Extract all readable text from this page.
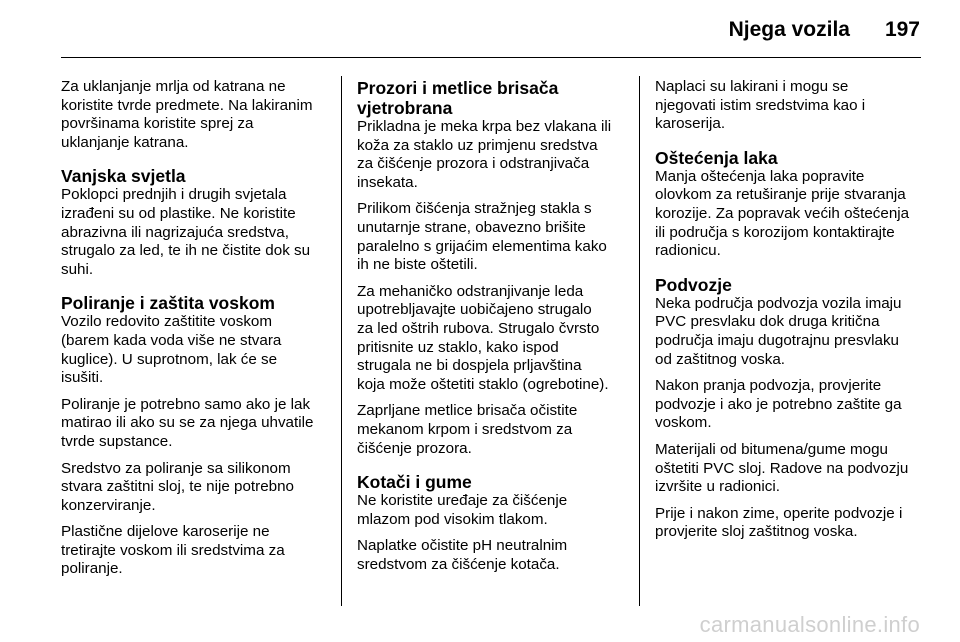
Njega vozila 197

Za uklanjanje mrlja od katrana ne
koristite tvrde predmete. Na lakiranim
površinama koristite sprej za
uklanjanje katrana.

Vanjska svjetla

Poklopci prednjih i drugih svjetala
izrađeni su od plastike. Ne koristite
abrazivna ili nagrizajuća sredstva,
strugalo za led, te ih ne čistite dok su
suhi.

Poliranje i zaštita voskom

Vozilo redovito zaštitite voskom
(barem kada voda više ne stvara
kuglice). U suprotnom, lak će se
isušiti.

Poliranje je potrebno samo ako je lak
matirao ili ako su se za njega uhvatile
tvrde supstance.

Sredstvo za poliranje sa silikonom
stvara zaštitni sloj, te nije potrebno
konzerviranje.

Plastične dijelove karoserije ne
tretirajte voskom ili sredstvima za
poliranje.

Prozori i metlice brisača
vjetrobrana

Prikladna je meka krpa bez vlakana ili
koža za staklo uz primjenu sredstva
za čišćenje prozora i odstranjivača
insekata.

Prilikom čišćenja stražnjeg stakla s
unutarnje strane, obavezno brišite
paralelno s grijaćim elementima kako
ih ne biste oštetili.

Za mehaničko odstranjivanje leda
upotrebljavajte uobičajeno strugalo
za led oštrih rubova. Strugalo čvrsto
pritisnite uz staklo, kako ispod
strugala ne bi dospjela prljavština
koja može oštetiti staklo (ogrebotine).

Zaprljane metlice brisača očistite
mekanom krpom i sredstvom za
čišćenje prozora.

Kotači i gume

Ne koristite uređaje za čišćenje
mlazom pod visokim tlakom.

Naplatke očistite pH neutralnim
sredstvom za čišćenje kotača.

Naplaci su lakirani i mogu se
njegovati istim sredstvima kao i
karoserija.

Oštećenja laka

Manja oštećenja laka popravite
olovkom za retuširanje prije stvaranja
korozije. Za popravak većih oštećenja
ili područja s korozijom kontaktirajte
radionicu.

Podvozje

Neka područja podvozja vozila imaju
PVC presvlaku dok druga kritična
područja imaju dugotrajnu presvlaku
od zaštitnog voska.

Nakon pranja podvozja, provjerite
podvozje i ako je potrebno zaštite ga
voskom.

Materijali od bitumena/gume mogu
oštetiti PVC sloj. Radove na podvozju
izvršite u radionici.

Prije i nakon zime, operite podvozje i
provjerite sloj zaštitnog voska.

carmanualsonline.info
